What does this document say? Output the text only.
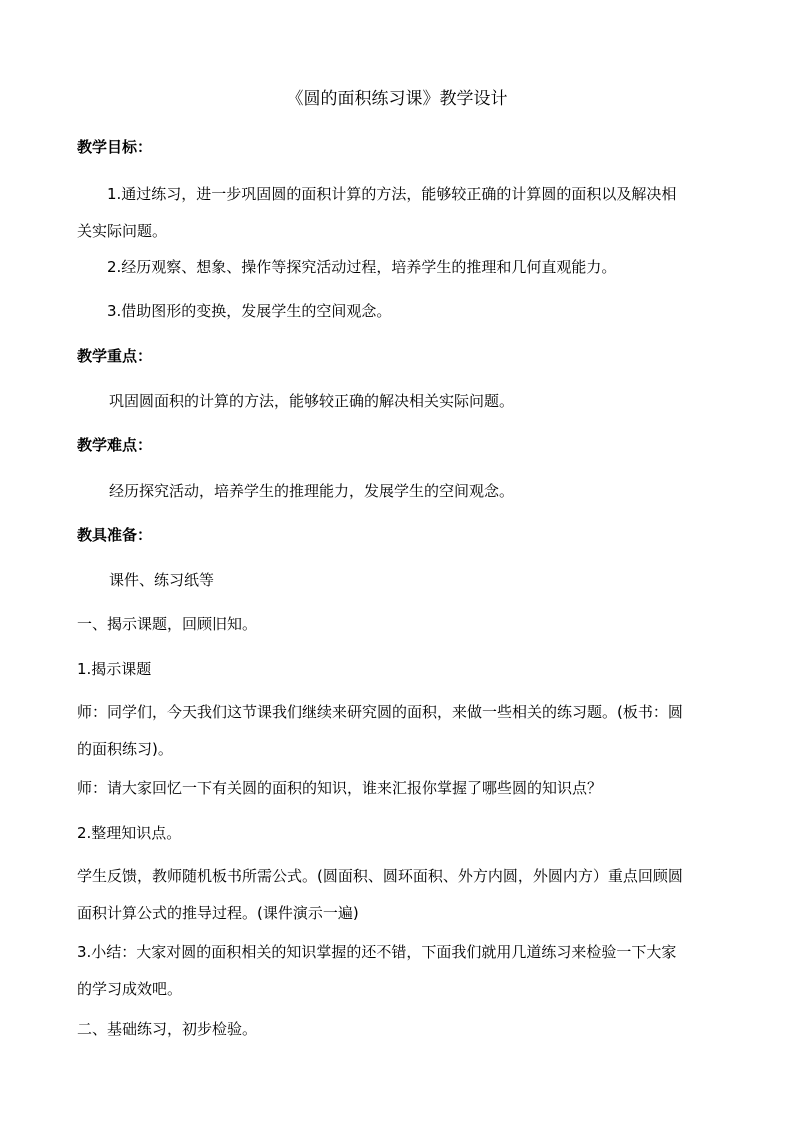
《圆的面积练习课》教学设计
教学目标：
1.通过练习，进一步巩固圆的面积计算的方法，能够较正确的计算圆的面积以及解决相
关实际问题。
2.经历观察、想象、操作等探究活动过程，培养学生的推理和几何直观能力。
3.借助图形的变换，发展学生的空间观念。
教学重点：
巩固圆面积的计算的方法，能够较正确的解决相关实际问题。
教学难点：
经历探究活动，培养学生的推理能力，发展学生的空间观念。
教具准备：
课件、练习纸等
一、揭示课题，回顾旧知。
1.揭示课题
师：同学们，今天我们这节课我们继续来研究圆的面积，来做一些相关的练习题。(板书：圆
的面积练习)。
师：请大家回忆一下有关圆的面积的知识，谁来汇报你掌握了哪些圆的知识点？
2.整理知识点。
学生反馈，教师随机板书所需公式。(圆面积、圆环面积、外方内圆，外圆内方）重点回顾圆
面积计算公式的推导过程。(课件演示一遍)
3.小结：大家对圆的面积相关的知识掌握的还不错，下面我们就用几道练习来检验一下大家
的学习成效吧。
二、基础练习，初步检验。
